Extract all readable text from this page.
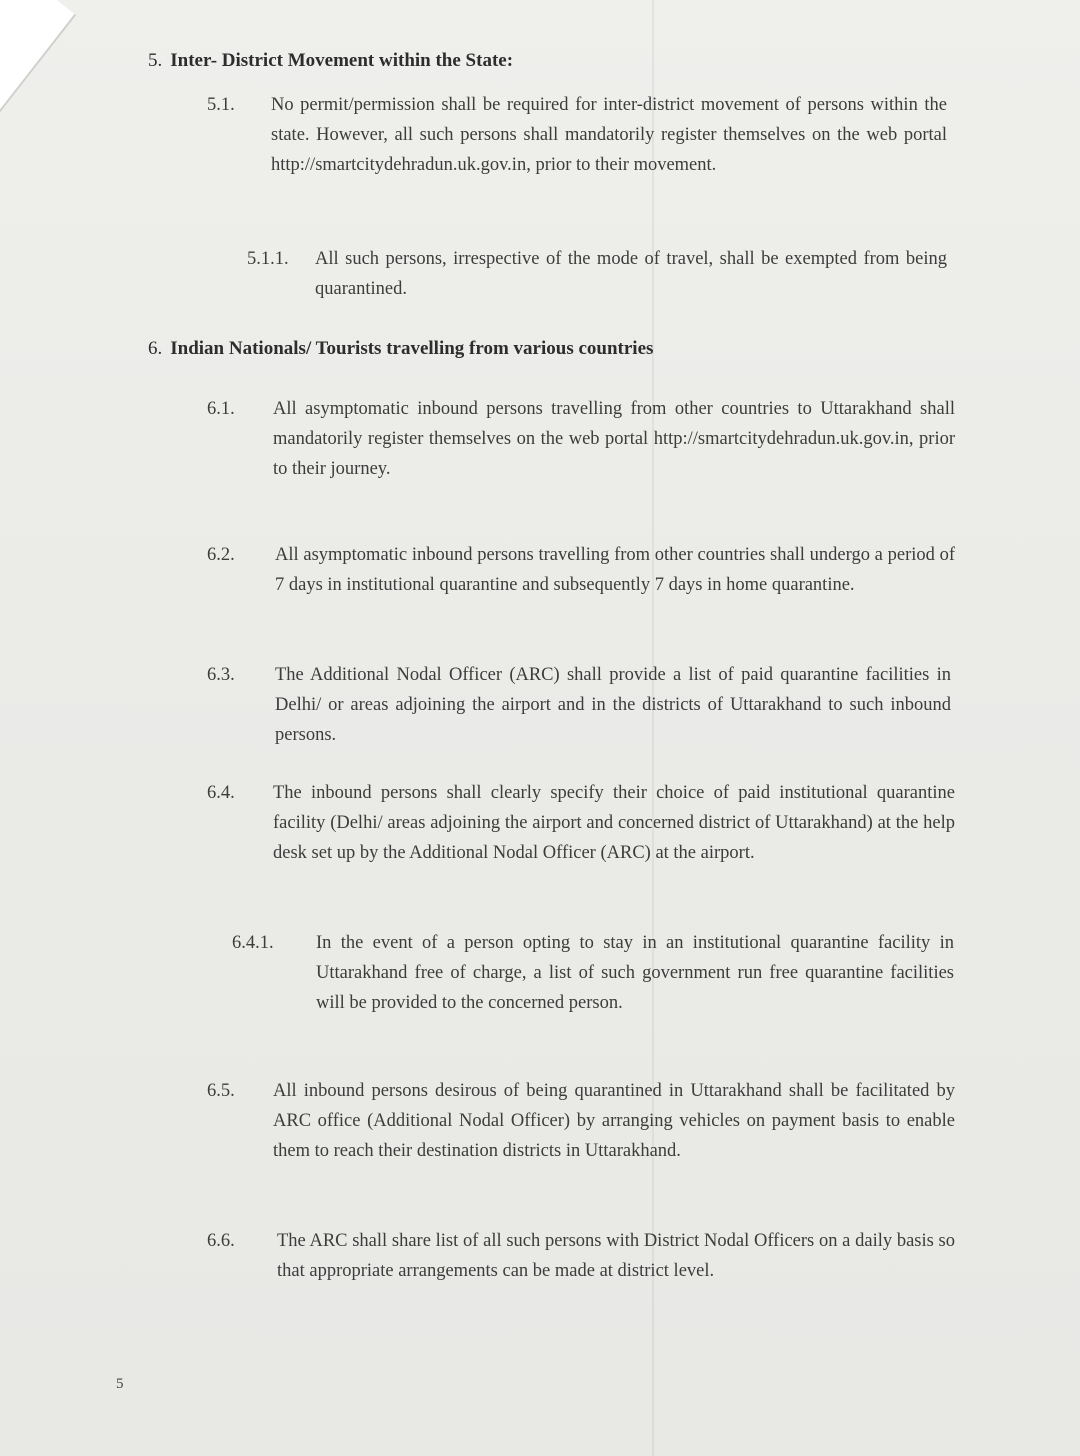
5. Inter- District Movement within the State:
5.1. No permit/permission shall be required for inter-district movement of persons within the state. However, all such persons shall mandatorily register themselves on the web portal http://smartcitydehradun.uk.gov.in, prior to their movement.
5.1.1. All such persons, irrespective of the mode of travel, shall be exempted from being quarantined.
6. Indian Nationals/ Tourists travelling from various countries
6.1. All asymptomatic inbound persons travelling from other countries to Uttarakhand shall mandatorily register themselves on the web portal http://smartcitydehradun.uk.gov.in, prior to their journey.
6.2. All asymptomatic inbound persons travelling from other countries shall undergo a period of 7 days in institutional quarantine and subsequently 7 days in home quarantine.
6.3. The Additional Nodal Officer (ARC) shall provide a list of paid quarantine facilities in Delhi/ or areas adjoining the airport and in the districts of Uttarakhand to such inbound persons.
6.4. The inbound persons shall clearly specify their choice of paid institutional quarantine facility (Delhi/ areas adjoining the airport and concerned district of Uttarakhand) at the help desk set up by the Additional Nodal Officer (ARC) at the airport.
6.4.1. In the event of a person opting to stay in an institutional quarantine facility in Uttarakhand free of charge, a list of such government run free quarantine facilities will be provided to the concerned person.
6.5. All inbound persons desirous of being quarantined in Uttarakhand shall be facilitated by ARC office (Additional Nodal Officer) by arranging vehicles on payment basis to enable them to reach their destination districts in Uttarakhand.
6.6. The ARC shall share list of all such persons with District Nodal Officers on a daily basis so that appropriate arrangements can be made at district level.
5
